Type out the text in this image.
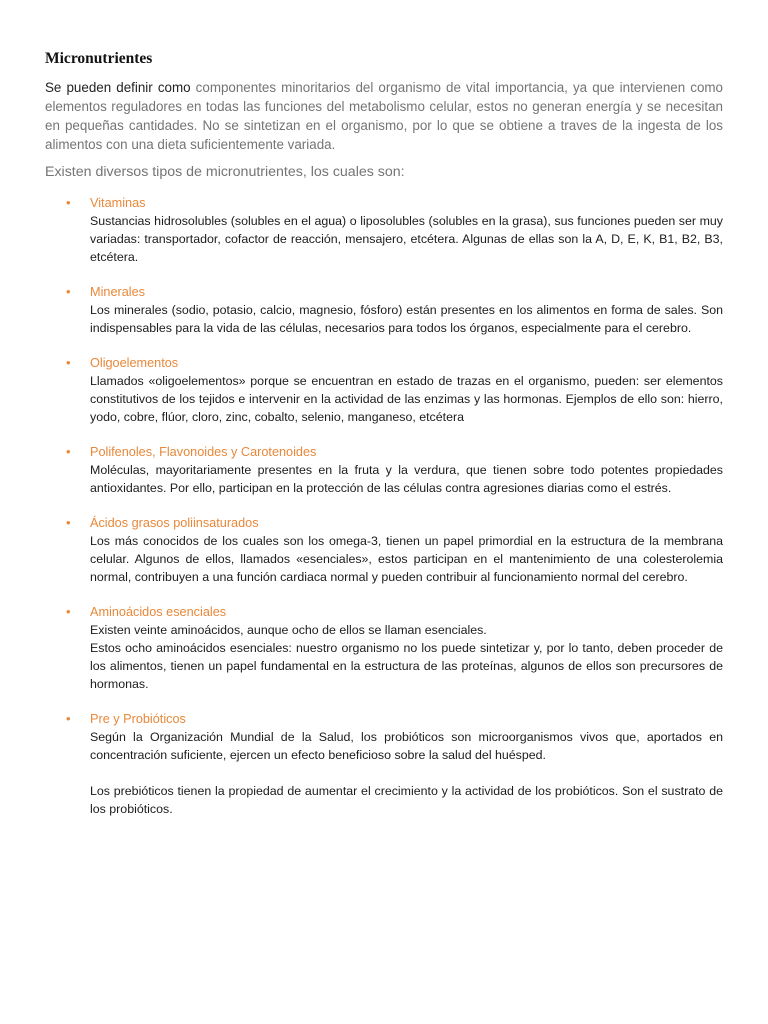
Micronutrientes

Se pueden definir como componentes minoritarios del organismo de vital importancia, ya que intervienen como elementos reguladores en todas las funciones del metabolismo celular, estos no generan energía y se necesitan en pequeñas cantidades. No se sintetizan en el organismo, por lo que se obtiene a traves de la ingesta de los alimentos con una dieta suficientemente variada.

Existen diversos tipos de micronutrientes, los cuales son:

•	Vitaminas

Sustancias hidrosolubles (solubles en el agua) o liposolubles (solubles en la grasa), sus funciones pueden ser muy variadas: transportador, cofactor de reacción, mensajero, etcétera. Algunas de ellas son la A, D, E, K, B1, B2, B3, etcétera.

•	Minerales

Los minerales (sodio, potasio, calcio, magnesio, fósforo) están presentes en los alimentos en forma de sales. Son indispensables para la vida de las células, necesarios para todos los órganos, especialmente para el cerebro.

•	Oligoelementos

Llamados «oligoelementos» porque se encuentran en estado de trazas en el organismo, pueden: ser elementos constitutivos de los tejidos e intervenir en la actividad de las enzimas y las hormonas. Ejemplos de ello son: hierro, yodo, cobre, flúor, cloro, zinc, cobalto, selenio, manganeso, etcétera

•	Polifenoles, Flavonoides y Carotenoides

Moléculas, mayoritariamente presentes en la fruta y la verdura, que tienen sobre todo potentes propiedades antioxidantes. Por ello, participan en la protección de las células contra agresiones diarias como el estrés.

•	Ácidos grasos poliinsaturados

Los más conocidos de los cuales son los omega-3, tienen un papel primordial en la estructura de la membrana celular. Algunos de ellos, llamados «esenciales», estos participan en el mantenimiento de una colesterolemia normal, contribuyen a una función cardiaca normal y pueden contribuir al funcionamiento normal del cerebro.

•	Aminoácidos esenciales

Existen veinte aminoácidos, aunque ocho de ellos se llaman esenciales.

Estos ocho aminoácidos esenciales: nuestro organismo no los puede sintetizar y, por lo tanto, deben proceder de los alimentos, tienen un papel fundamental en la estructura de las proteínas, algunos de ellos son precursores de hormonas.

•	Pre y Probióticos

Según la Organización Mundial de la Salud, los probióticos son microorganismos vivos que, aportados en concentración suficiente, ejercen un efecto beneficioso sobre la salud del huésped.

Los prebióticos tienen la propiedad de aumentar el crecimiento y la actividad de los probióticos. Son el sustrato de los probióticos.
